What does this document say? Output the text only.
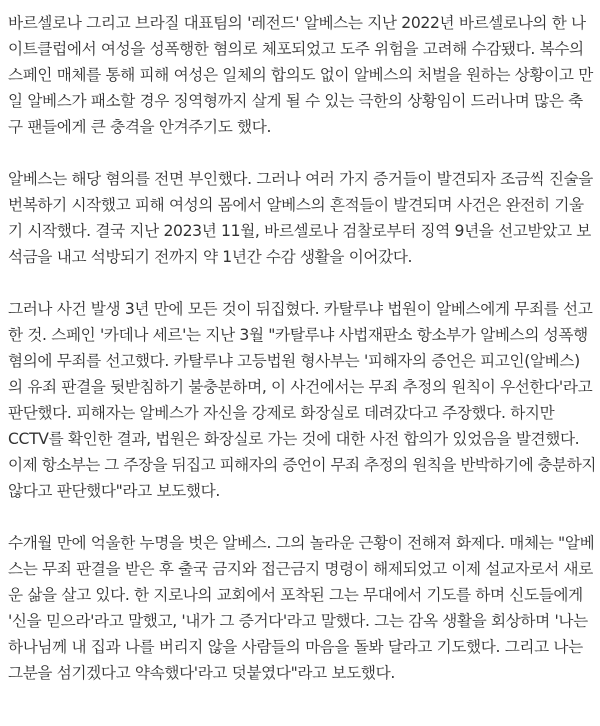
바르셀로나 그리고 브라질 대표팀의 '레전드' 알베스는 지난 2022년 바르셀로나의 한 나
이트클럽에서 여성을 성폭행한 혐의로 체포되었고 도주 위험을 고려해 수감됐다. 복수의
스페인 매체를 통해 피해 여성은 일체의 합의도 없이 알베스의 처벌을 원하는 상황이고 만
일 알베스가 패소할 경우 징역형까지 살게 될 수 있는 극한의 상황임이 드러나며 많은 축
구 팬들에게 큰 충격을 안겨주기도 했다.

알베스는 해당 혐의를 전면 부인했다. 그러나 여러 가지 증거들이 발견되자 조금씩 진술을
번복하기 시작했고 피해 여성의 몸에서 알베스의 흔적들이 발견되며 사건은 완전히 기울
기 시작했다. 결국 지난 2023년 11월, 바르셀로나 검찰로부터 징역 9년을 선고받았고 보
석금을 내고 석방되기 전까지 약 1년간 수감 생활을 이어갔다.

그러나 사건 발생 3년 만에 모든 것이 뒤집혔다. 카탈루냐 법원이 알베스에게 무죄를 선고
한 것. 스페인 '카데나 세르'는 지난 3월 "카탈루냐 사법재판소 항소부가 알베스의 성폭행
혐의에 무죄를 선고했다. 카탈루냐 고등법원 형사부는 '피해자의 증언은 피고인(알베스)
의 유죄 판결을 뒷받침하기 불충분하며, 이 사건에서는 무죄 추정의 원칙이 우선한다'라고
판단했다. 피해자는 알베스가 자신을 강제로 화장실로 데려갔다고 주장했다. 하지만
CCTV를 확인한 결과, 법원은 화장실로 가는 것에 대한 사전 합의가 있었음을 발견했다.
이제 항소부는 그 주장을 뒤집고 피해자의 증언이 무죄 추정의 원칙을 반박하기에 충분하지
않다고 판단했다"라고 보도했다.

수개월 만에 억울한 누명을 벗은 알베스. 그의 놀라운 근황이 전해져 화제다. 매체는 "알베
스는 무죄 판결을 받은 후 출국 금지와 접근금지 명령이 해제되었고 이제 설교자로서 새로
운 삶을 살고 있다. 한 지로나의 교회에서 포착된 그는 무대에서 기도를 하며 신도들에게
'신을 믿으라'라고 말했고, '내가 그 증거다'라고 말했다. 그는 감옥 생활을 회상하며 '나는
하나님께 내 집과 나를 버리지 않을 사람들의 마음을 돌봐 달라고 기도했다. 그리고 나는
그분을 섬기겠다고 약속했다'라고 덧붙였다"라고 보도했다.
